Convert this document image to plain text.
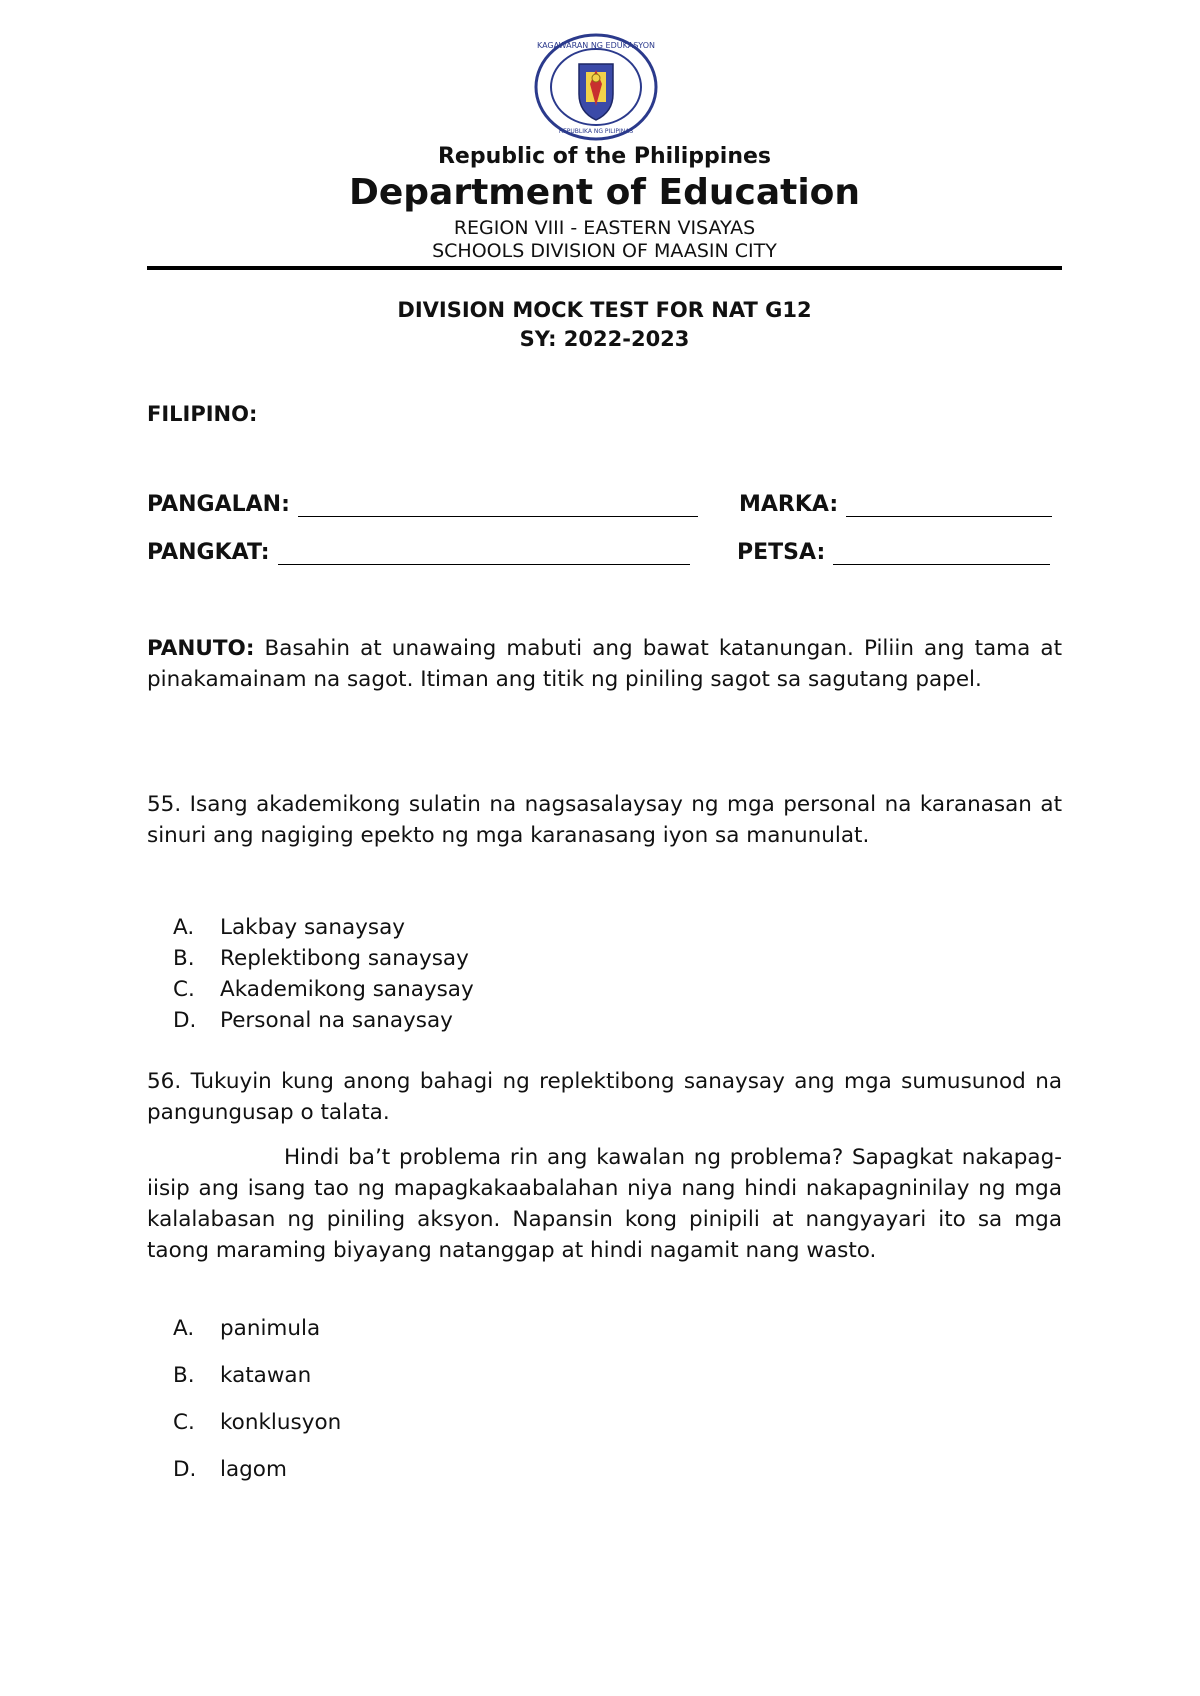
KAGAWARAN NG EDUKASYON
REPUBLIKA NG PILIPINAS

Republic of the Philippines

Department of Education

REGION VIII - EASTERN VISAYAS

SCHOOLS DIVISION OF MAASIN CITY

DIVISION MOCK TEST FOR NAT G12

SY: 2022-2023

FILIPINO:

PANGALAN:	MARKA:
PANGKAT:	PETSA:

PANUTO: Basahin at unawaing mabuti ang bawat katanungan. Piliin ang tama at pinakamainam na sagot. Itiman ang titik ng piniling sagot sa sagutang papel.

55. Isang akademikong sulatin na nagsasalaysay ng mga personal na karanasan at sinuri ang nagiging epekto ng mga karanasang iyon sa manunulat.

A. Lakbay sanaysay
B. Replektibong sanaysay
C. Akademikong sanaysay
D. Personal na sanaysay

56. Tukuyin kung anong bahagi ng replektibong sanaysay ang mga sumusunod na pangungusap o talata.

Hindi ba’t problema rin ang kawalan ng problema? Sapagkat nakapag-iisip ang isang tao ng mapagkakaabalahan niya nang hindi nakapagninilay ng mga kalalabasan ng piniling aksyon. Napansin kong pinipili at nangyayari ito sa mga taong maraming biyayang natanggap at hindi nagamit nang wasto.

A. panimula
B. katawan
C. konklusyon
D. lagom
